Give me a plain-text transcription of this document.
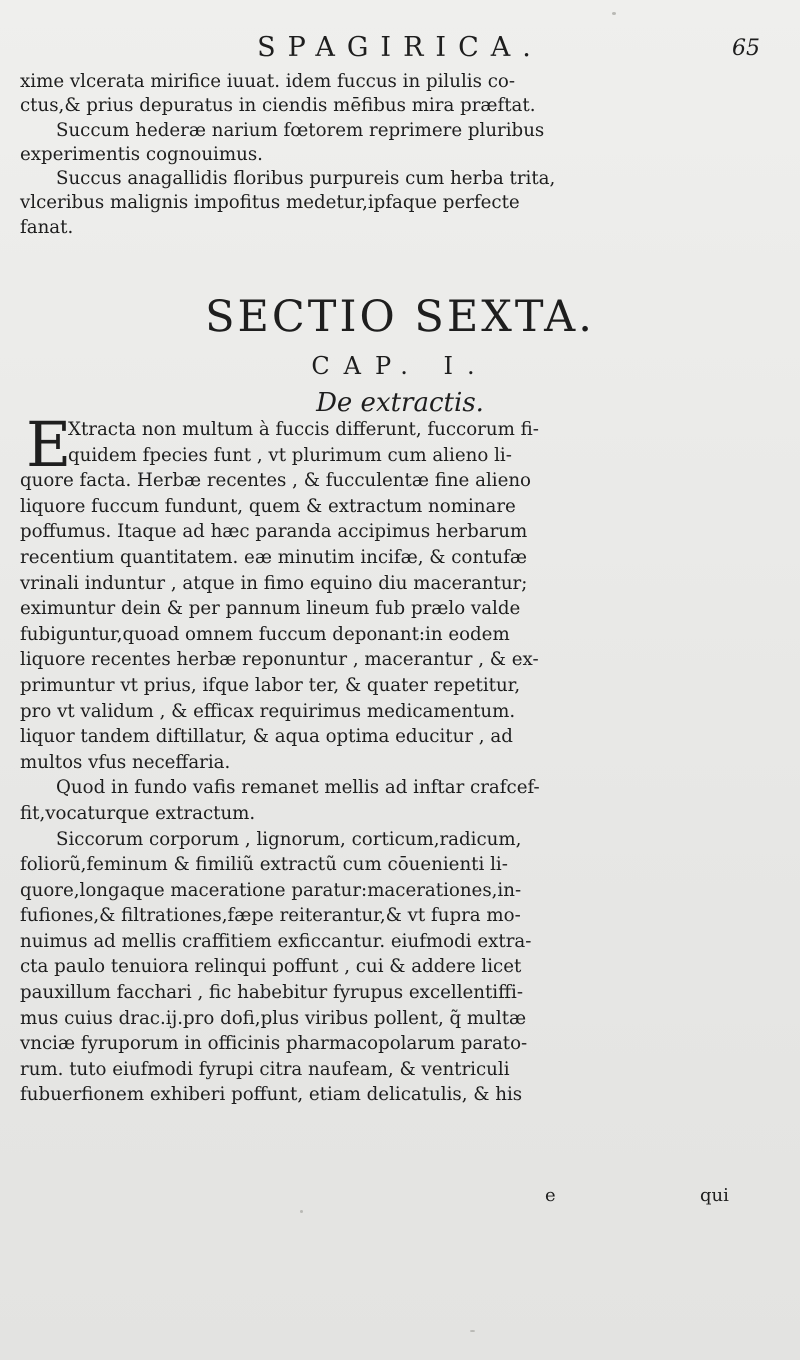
SPAGIRICA.	65
xime vlcerata mirifice iuuat. idem fuccus in pilulis co-
ctus,& prius depuratus in ciendis mēfibus mira præftat.
Succum hederæ narium fœtorem reprimere pluribus
experimentis cognouimus.
Succus anagallidis floribus purpureis cum herba trita,
vlceribus malignis impofitus medetur,ipfaque perfecte
fanat.
SECTIO SEXTA.
CAP. I.
De extractis.
E
Xtracta non multum à fuccis differunt, fuccorum fi-
quidem fpecies funt , vt plurimum cum alieno li-
quore facta. Herbæ recentes , & fucculentæ fine alieno
liquore fuccum fundunt, quem & extractum nominare
poffumus. Itaque ad hæc paranda accipimus herbarum
recentium quantitatem. eæ minutim incifæ, & contufæ
vrinali induntur , atque in fimo equino diu macerantur;
eximuntur dein & per pannum lineum fub prælo valde
fubiguntur,quoad omnem fuccum deponant:in eodem
liquore recentes herbæ reponuntur , macerantur , & ex-
primuntur vt prius, ifque labor ter, & quater repetitur,
pro vt validum , & efficax requirimus medicamentum.
liquor tandem diftillatur, & aqua optima educitur , ad
multos vfus neceffaria.
Quod in fundo vafis remanet mellis ad inftar crafcef-
fit,vocaturque extractum.
Siccorum corporum , lignorum, corticum,radicum,
foliorũ,feminum & fimiliũ extractũ cum cōuenienti li-
quore,longaque maceratione paratur:macerationes,in-
fufiones,& filtrationes,fæpe reiterantur,& vt fupra mo-
nuimus ad mellis craffitiem exficcantur. eiufmodi extra-
cta paulo tenuiora relinqui poffunt , cui & addere licet
pauxillum facchari , fic habebitur fyrupus excellentiffi-
mus cuius drac.ij.pro dofi,plus viribus pollent, q̃ multæ
vnciæ fyruporum in officinis pharmacopolarum parato-
rum. tuto eiufmodi fyrupi citra naufeam, & ventriculi
fubuerfionem exhiberi poffunt, etiam delicatulis, & his
e	qui
